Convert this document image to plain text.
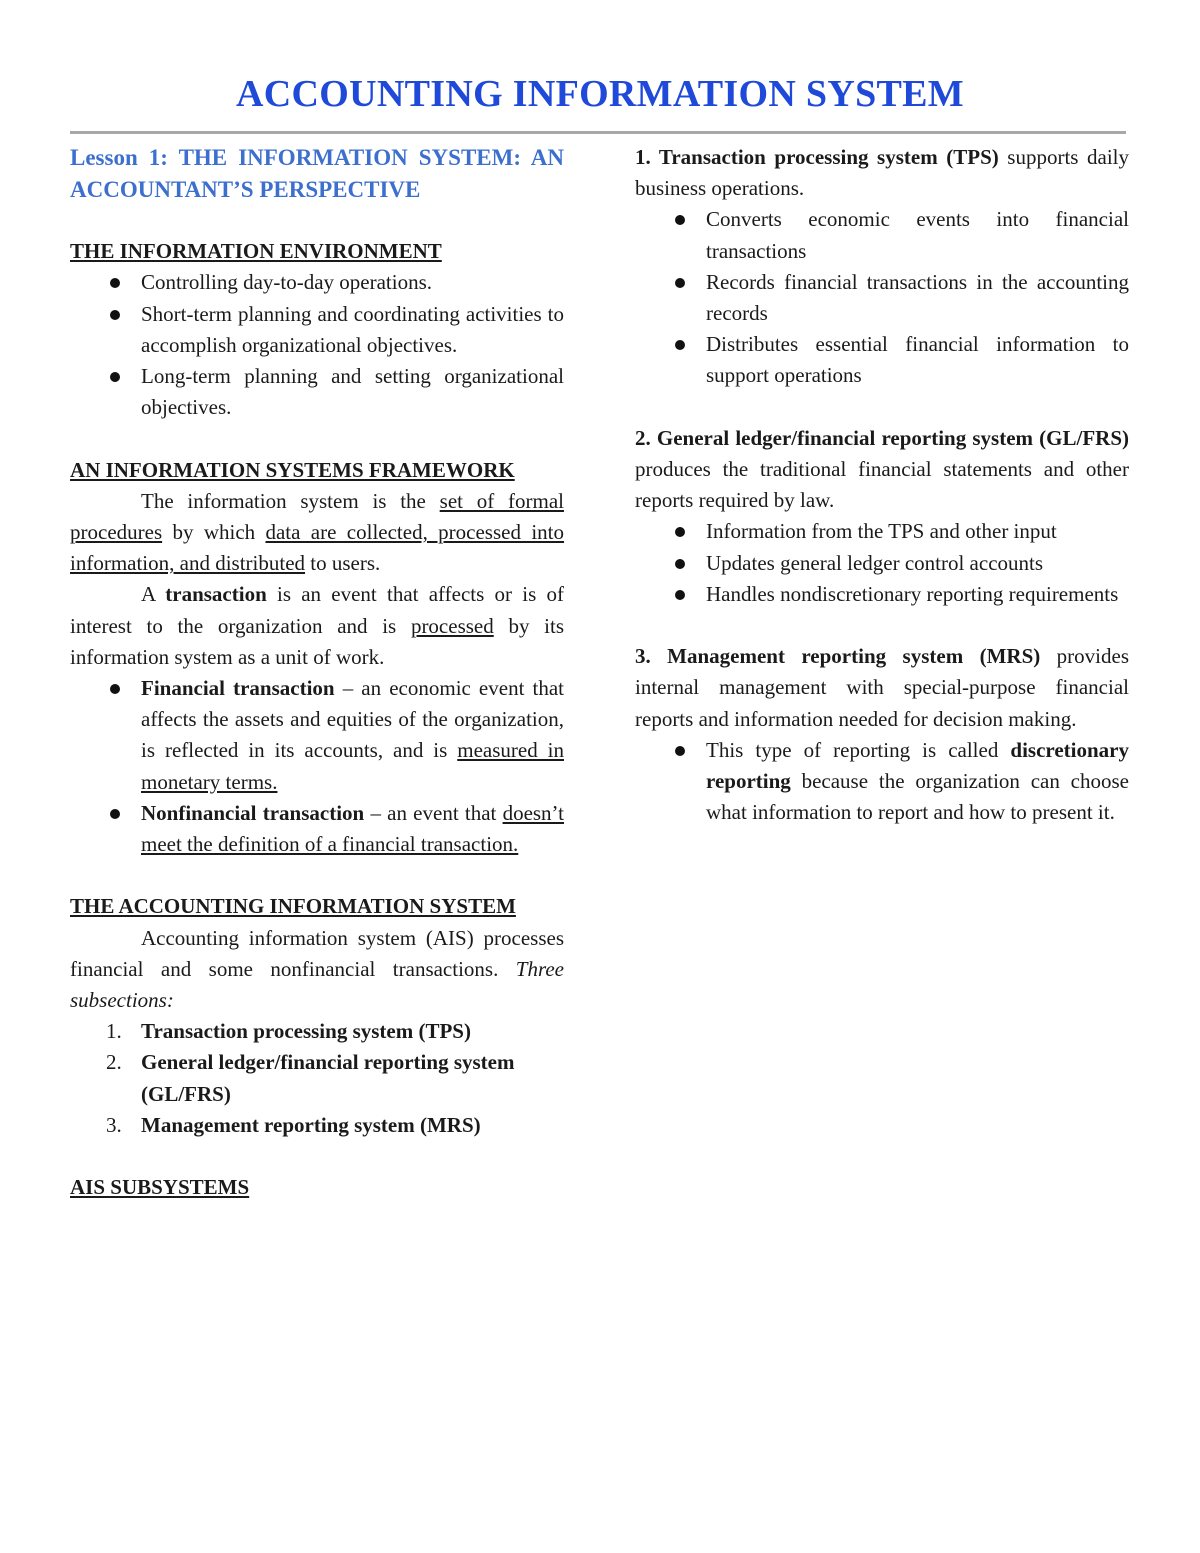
ACCOUNTING INFORMATION SYSTEM

Lesson 1: THE INFORMATION SYSTEM: AN ACCOUNTANT’S PERSPECTIVE

THE INFORMATION ENVIRONMENT

Controlling day-to-day operations.
Short-term planning and coordinating activities to accomplish organizational objectives.
Long-term planning and setting organizational objectives.

AN INFORMATION SYSTEMS FRAMEWORK

The information system is the set of formal procedures by which data are collected, processed into information, and distributed to users.

A transaction is an event that affects or is of interest to the organization and is processed by its information system as a unit of work.

Financial transaction – an economic event that affects the assets and equities of the organization, is reflected in its accounts, and is measured in monetary terms.
Nonfinancial transaction – an event that doesn’t meet the definition of a financial transaction.

THE ACCOUNTING INFORMATION SYSTEM

Accounting information system (AIS) processes financial and some nonfinancial transactions. Three subsections:

1. Transaction processing system (TPS)
2. General ledger/financial reporting system (GL/FRS)
3. Management reporting system (MRS)

AIS SUBSYSTEMS

1. Transaction processing system (TPS) supports daily business operations.

Converts economic events into financial transactions
Records financial transactions in the accounting records
Distributes essential financial information to support operations

2. General ledger/financial reporting system (GL/FRS) produces the traditional financial statements and other reports required by law.

Information from the TPS and other input
Updates general ledger control accounts
Handles nondiscretionary reporting requirements

3. Management reporting system (MRS) provides internal management with special-purpose financial reports and information needed for decision making.

This type of reporting is called discretionary reporting because the organization can choose what information to report and how to present it.
